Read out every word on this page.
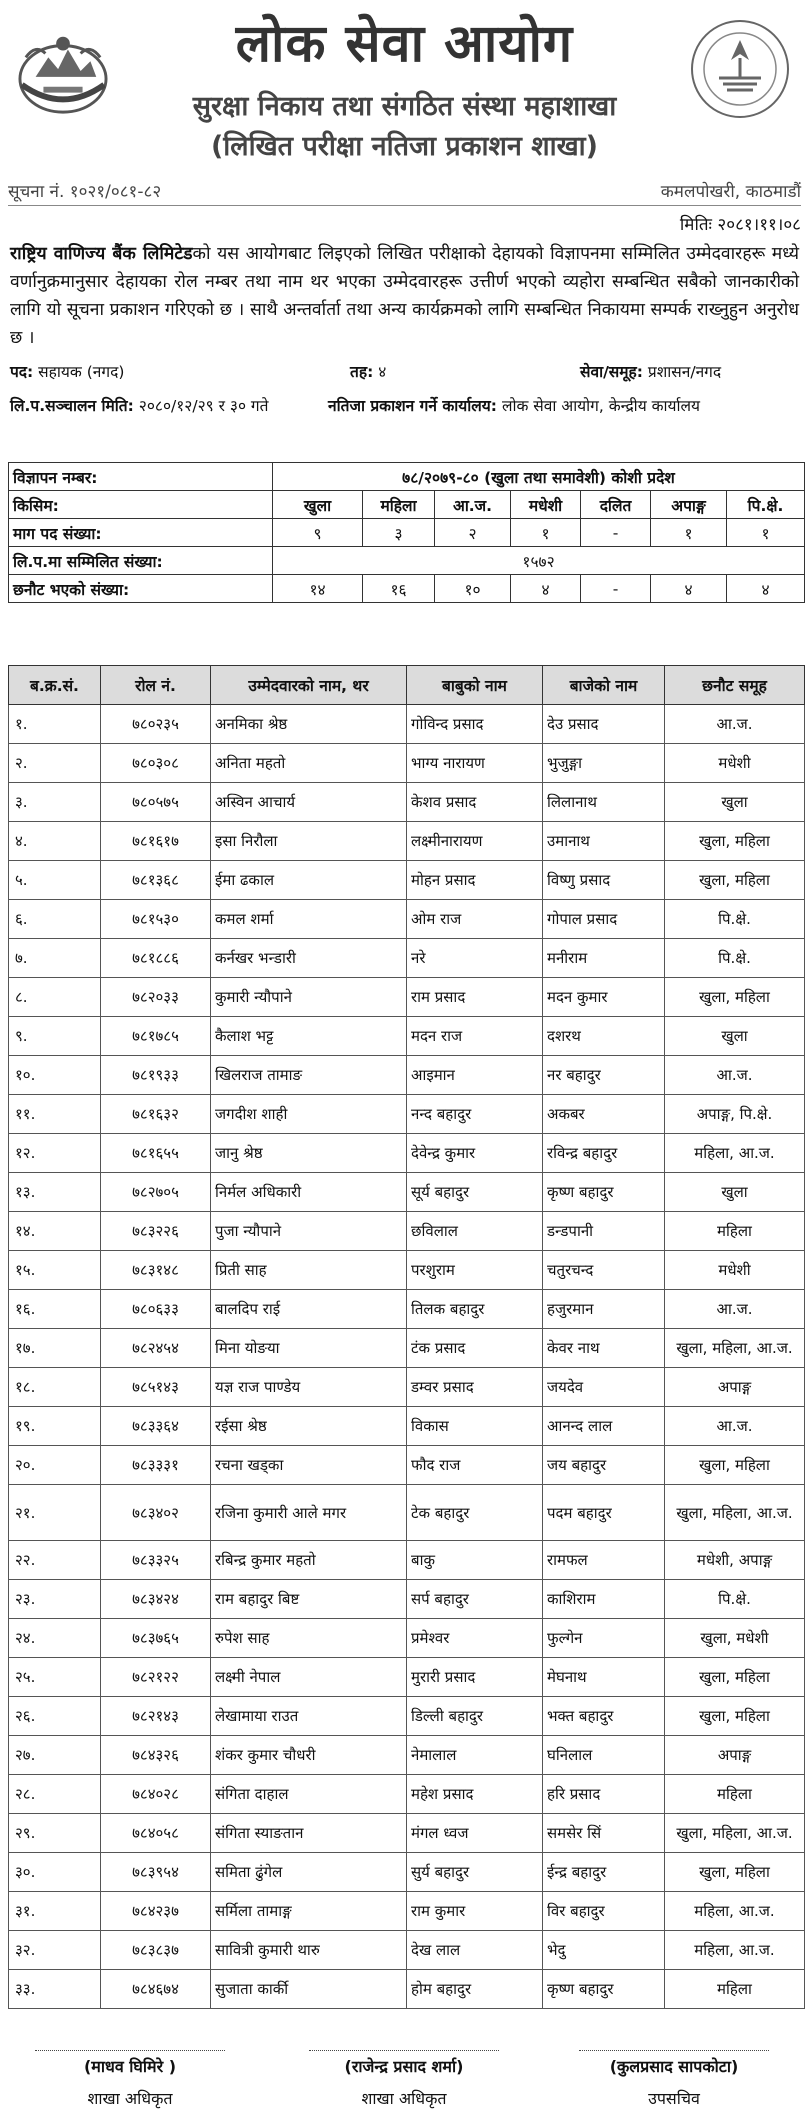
लोक सेवा आयोग
सुरक्षा निकाय तथा संगठित संस्था महाशाखा
(लिखित परीक्षा नतिजा प्रकाशन शाखा)
सूचना नं. १०२१/०८१-८२	कमलपोखरी, काठमाडौं
मितिः २०८१।११।०८
राष्ट्रिय वाणिज्य बैंक लिमिटेडको यस आयोगबाट लिइएको लिखित परीक्षाको देहायको विज्ञापनमा सम्मिलित उम्मेदवारहरू मध्ये वर्णानुक्रमानुसार देहायका रोल नम्बर तथा नाम थर भएका उम्मेदवारहरू उत्तीर्ण भएको व्यहोरा सम्बन्धित सबैको जानकारीको लागि यो सूचना प्रकाशन गरिएको छ । साथै अन्तर्वार्ता तथा अन्य कार्यक्रमको लागि सम्बन्धित निकायमा सम्पर्क राख्नुहुन अनुरोध छ ।
पद: सहायक (नगद)	तह: ४	सेवा/समूह: प्रशासन/नगद
लि.प.सञ्चालन मिति: २०८०/१२/२९ र ३० गते	नतिजा प्रकाशन गर्ने कार्यालय: लोक सेवा आयोग, केन्द्रीय कार्यालय
विज्ञापन नम्बर:	७८/२०७९-८० (खुला तथा समावेशी) कोशी प्रदेश						
किसिम:	खुला	महिला	आ.ज.	मधेशी	दलित	अपाङ्ग	पि.क्षे.
माग पद संख्या:	९	३	२	१	-	१	१
लि.प.मा सम्मिलित संख्या:	१५७२						
छनौट भएको संख्या:	१४	१६	१०	४	-	४	४
ब.क्र.सं.	रोल नं.	उम्मेदवारको नाम, थर	बाबुको नाम	बाजेको नाम	छनौट समूह
१.	७८०२३५	अनमिका श्रेष्ठ	गोविन्द प्रसाद	देउ प्रसाद	आ.ज.
२.	७८०३०८	अनिता महतो	भाग्य नारायण	भुजुङ्गा	मधेशी
३.	७८०५७५	अस्विन आचार्य	केशव प्रसाद	लिलानाथ	खुला
४.	७८१६१७	इसा निरौला	लक्ष्मीनारायण	उमानाथ	खुला, महिला
५.	७८१३६८	ईमा ढकाल	मोहन प्रसाद	विष्णु प्रसाद	खुला, महिला
६.	७८१५३०	कमल शर्मा	ओम राज	गोपाल प्रसाद	पि.क्षे.
७.	७८१८८६	कर्नखर भन्डारी	नरे	मनीराम	पि.क्षे.
८.	७८२०३३	कुमारी न्यौपाने	राम प्रसाद	मदन कुमार	खुला, महिला
९.	७८१७८५	कैलाश भट्ट	मदन राज	दशरथ	खुला
१०.	७८१९३३	खिलराज तामाङ	आइमान	नर बहादुर	आ.ज.
११.	७८१६३२	जगदीश शाही	नन्द बहादुर	अकबर	अपाङ्ग, पि.क्षे.
१२.	७८१६५५	जानु श्रेष्ठ	देवेन्द्र कुमार	रविन्द्र बहादुर	महिला, आ.ज.
१३.	७८२७०५	निर्मल अधिकारी	सूर्य बहादुर	कृष्ण बहादुर	खुला
१४.	७८३२२६	पुजा न्यौपाने	छविलाल	डन्डपानी	महिला
१५.	७८३१४८	प्रिती साह	परशुराम	चतुरचन्द	मधेशी
१६.	७८०६३३	बालदिप राई	तिलक बहादुर	हजुरमान	आ.ज.
१७.	७८२४५४	मिना योङया	टंक प्रसाद	केवर नाथ	खुला, महिला, आ.ज.
१८.	७८५१४३	यज्ञ राज पाण्डेय	डम्वर प्रसाद	जयदेव	अपाङ्ग
१९.	७८३३६४	रईसा श्रेष्ठ	विकास	आनन्द लाल	आ.ज.
२०.	७८३३३१	रचना खड्का	फौद राज	जय बहादुर	खुला, महिला
२१.	७८३४०२	रजिना कुमारी आले मगर	टेक बहादुर	पदम बहादुर	खुला, महिला, आ.ज.
२२.	७८३३२५	रबिन्द्र कुमार महतो	बाकु	रामफल	मधेशी, अपाङ्ग
२३.	७८३४२४	राम बहादुर बिष्ट	सर्प बहादुर	काशिराम	पि.क्षे.
२४.	७८३७६५	रुपेश साह	प्रमेश्वर	फुल्गेन	खुला, मधेशी
२५.	७८२१२२	लक्ष्मी नेपाल	मुरारी प्रसाद	मेघनाथ	खुला, महिला
२६.	७८२१४३	लेखामाया राउत	डिल्ली बहादुर	भक्त बहादुर	खुला, महिला
२७.	७८४३२६	शंकर कुमार चौधरी	नेमालाल	घनिलाल	अपाङ्ग
२८.	७८४०२८	संगिता दाहाल	महेश प्रसाद	हरि प्रसाद	महिला
२९.	७८४०५८	संगिता स्याङतान	मंगल ध्वज	समसेर सिं	खुला, महिला, आ.ज.
३०.	७८३९५४	समिता ढुंगेल	सुर्य बहादुर	ईन्द्र बहादुर	खुला, महिला
३१.	७८४२३७	सर्मिला तामाङ्ग	राम कुमार	विर बहादुर	महिला, आ.ज.
३२.	७८३८३७	सावित्री कुमारी थारु	देख लाल	भेदु	महिला, आ.ज.
३३.	७८४६७४	सुजाता कार्की	होम बहादुर	कृष्ण बहादुर	महिला
(माधव घिमिरे )
शाखा अधिकृत
(राजेन्द्र प्रसाद शर्मा)
शाखा अधिकृत
(कुलप्रसाद सापकोटा)
उपसचिव
